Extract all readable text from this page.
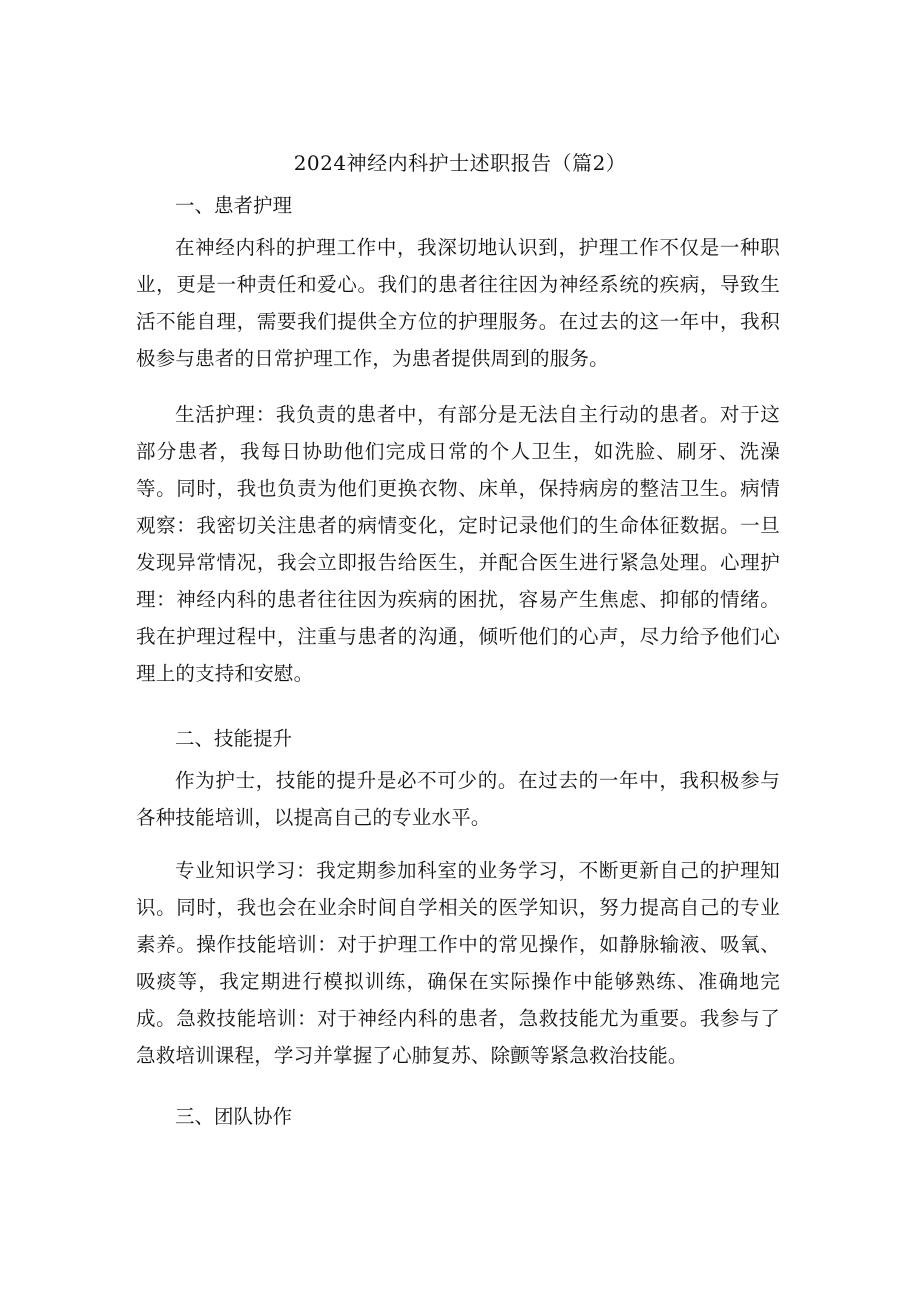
2024神经内科护士述职报告（篇2）
一、患者护理

在神经内科的护理工作中，我深切地认识到，护理工作不仅是一种职业，更是一种责任和爱心。我们的患者往往因为神经系统的疾病，导致生活不能自理，需要我们提供全方位的护理服务。在过去的这一年中，我积极参与患者的日常护理工作，为患者提供周到的服务。

生活护理：我负责的患者中，有部分是无法自主行动的患者。对于这部分患者，我每日协助他们完成日常的个人卫生，如洗脸、刷牙、洗澡等。同时，我也负责为他们更换衣物、床单，保持病房的整洁卫生。病情观察：我密切关注患者的病情变化，定时记录他们的生命体征数据。一旦发现异常情况，我会立即报告给医生，并配合医生进行紧急处理。心理护理：神经内科的患者往往因为疾病的困扰，容易产生焦虑、抑郁的情绪。我在护理过程中，注重与患者的沟通，倾听他们的心声，尽力给予他们心理上的支持和安慰。

二、技能提升

作为护士，技能的提升是必不可少的。在过去的一年中，我积极参与各种技能培训，以提高自己的专业水平。

专业知识学习：我定期参加科室的业务学习，不断更新自己的护理知识。同时，我也会在业余时间自学相关的医学知识，努力提高自己的专业素养。操作技能培训：对于护理工作中的常见操作，如静脉输液、吸氧、吸痰等，我定期进行模拟训练，确保在实际操作中能够熟练、准确地完成。急救技能培训：对于神经内科的患者，急救技能尤为重要。我参与了急救培训课程，学习并掌握了心肺复苏、除颤等紧急救治技能。

三、团队协作
